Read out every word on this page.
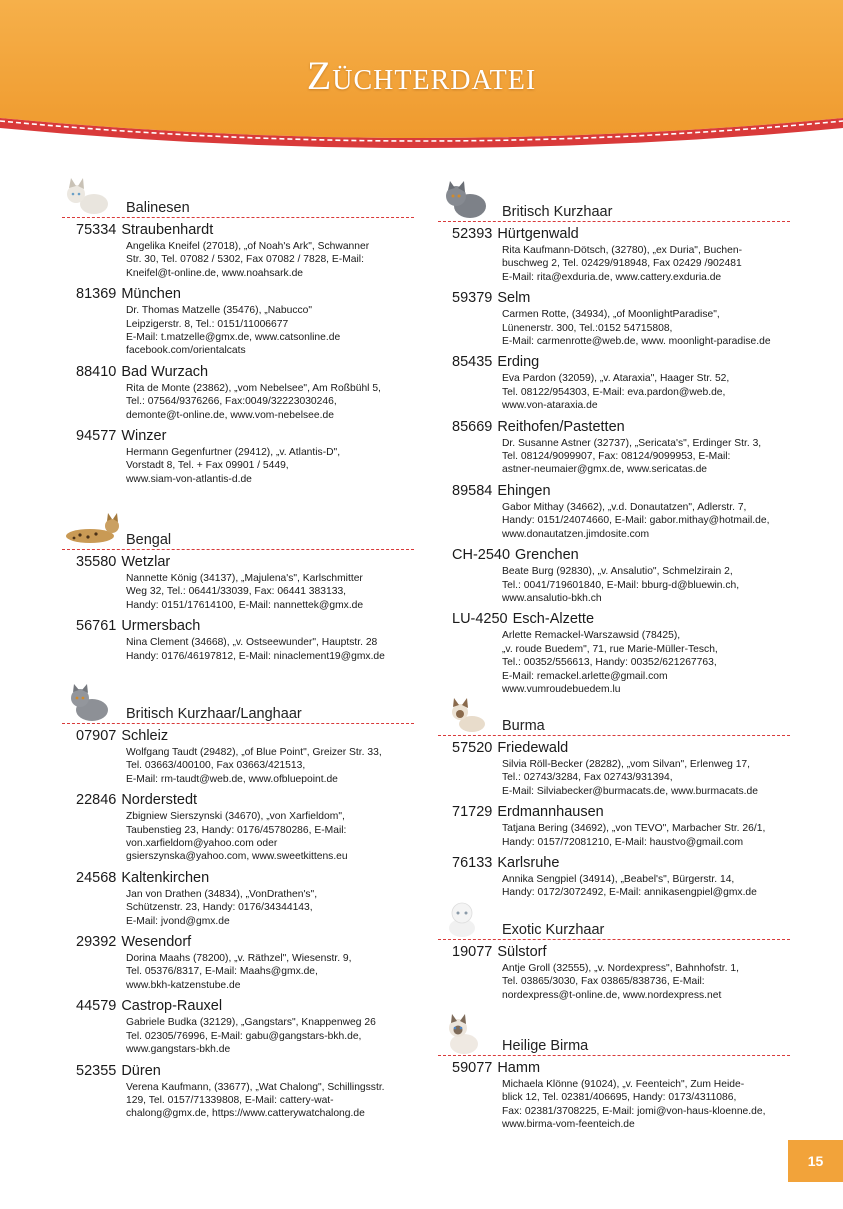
Züchterdatei
Balinesen
75334 Straubenhardt
Angelika Kneifel (27018), „of Noah's Ark", Schwanner
Str. 30, Tel. 07082 / 5302, Fax 07082 / 7828, E-Mail:
Kneifel@t-online.de, www.noahsark.de
81369 München
Dr. Thomas Matzelle (35476), „Nabucco"
Leipzigerstr. 8, Tel.: 0151/11006677
E-Mail: t.matzelle@gmx.de, www.catsonline.de
facebook.com/orientalcats
88410 Bad Wurzach
Rita de Monte (23862), „vom Nebelsee", Am Roßbühl 5,
Tel.: 07564/9376266, Fax:0049/32223030246,
demonte@t-online.de, www.vom-nebelsee.de
94577 Winzer
Hermann Gegenfurtner (29412), „v. Atlantis-D",
Vorstadt 8, Tel. + Fax 09901 / 5449,
www.siam-von-atlantis-d.de
Bengal
35580 Wetzlar
Nannette König (34137), „Majulena's", Karlschmitter
Weg 32, Tel.: 06441/33039, Fax: 06441 383133,
Handy: 0151/17614100, E-Mail: nannettek@gmx.de
56761 Urmersbach
Nina Clement (34668), „v. Ostseewunder", Hauptstr. 28
Handy: 0176/46197812, E-Mail: ninaclement19@gmx.de
Britisch Kurzhaar/Langhaar
07907 Schleiz
Wolfgang Taudt (29482), „of Blue Point", Greizer Str. 33,
Tel. 03663/400100, Fax 03663/421513,
E-Mail: rm-taudt@web.de, www.ofbluepoint.de
22846 Norderstedt
Zbigniew Sierszynski (34670), „von Xarfieldom",
Taubenstieg 23, Handy: 0176/45780286, E-Mail:
von.xarfieldom@yahoo.com oder
gsierszynska@yahoo.com, www.sweetkittens.eu
24568 Kaltenkirchen
Jan von Drathen (34834), „VonDrathen's",
Schützenstr. 23, Handy: 0176/34344143,
E-Mail: jvond@gmx.de
29392 Wesendorf
Dorina Maahs (78200), „v. Räthzel", Wiesenstr. 9,
Tel. 05376/8317, E-Mail: Maahs@gmx.de,
www.bkh-katzenstube.de
44579 Castrop-Rauxel
Gabriele Budka (32129), „Gangstars", Knappenweg 26
Tel. 02305/76996, E-Mail: gabu@gangstars-bkh.de,
www.gangstars-bkh.de
52355 Düren
Verena Kaufmann, (33677), „Wat Chalong", Schillingsstr.
129, Tel. 0157/71339808, E-Mail: cattery-wat-
chalong@gmx.de, https://www.catterywatchalong.de
Britisch Kurzhaar
52393 Hürtgenwald
Rita Kaufmann-Dötsch, (32780), „ex Duria", Buchen-
buschweg 2, Tel. 02429/918948, Fax 02429 /902481
E-Mail: rita@exduria.de, www.cattery.exduria.de
59379 Selm
Carmen Rotte, (34934), „of MoonlightParadise",
Lünenerstr. 300, Tel.:0152 54715808,
E-Mail: carmenrotte@web.de, www. moonlight-paradise.de
85435 Erding
Eva Pardon (32059), „v. Ataraxia", Haager Str. 52,
Tel. 08122/954303, E-Mail: eva.pardon@web.de,
www.von-ataraxia.de
85669 Reithofen/Pastetten
Dr. Susanne Astner (32737), „Sericata's", Erdinger Str. 3,
Tel. 08124/9099907, Fax: 08124/9099953, E-Mail:
astner-neumaier@gmx.de, www.sericatas.de
89584 Ehingen
Gabor Mithay (34662), „v.d. Donautatzen", Adlerstr. 7,
Handy: 0151/24074660, E-Mail: gabor.mithay@hotmail.de,
www.donautatzen.jimdosite.com
CH-2540 Grenchen
Beate Burg (92830), „v. Ansalutio", Schmelzirain 2,
Tel.: 0041/719601840, E-Mail: bburg-d@bluewin.ch,
www.ansalutio-bkh.ch
LU-4250 Esch-Alzette
Arlette Remackel-Warszawsid (78425),
„v. roude Buedem", 71, rue Marie-Müller-Tesch,
Tel.: 00352/556613, Handy: 00352/621267763,
E-Mail: remackel.arlette@gmail.com
www.vumroudebuedem.lu
Burma
57520 Friedewald
Silvia Röll-Becker (28282), „vom Silvan", Erlenweg 17,
Tel.: 02743/3284, Fax 02743/931394,
E-Mail: Silviabecker@burmacats.de, www.burmacats.de
71729 Erdmannhausen
Tatjana Bering (34692), „von TEVO", Marbacher Str. 26/1,
Handy: 0157/72081210, E-Mail: haustvo@gmail.com
76133 Karlsruhe
Annika Sengpiel (34914), „Beabel's", Bürgerstr. 14,
Handy: 0172/3072492, E-Mail: annikasengpiel@gmx.de
Exotic Kurzhaar
19077 Sülstorf
Antje Groll (32555), „v. Nordexpress", Bahnhofstr. 1,
Tel. 03865/3030, Fax 03865/838736, E-Mail:
nordexpress@t-online.de, www.nordexpress.net
Heilige Birma
59077 Hamm
Michaela Klönne (91024), „v. Feenteich", Zum Heide-
blick 12, Tel. 02381/406695, Handy: 0173/4311086,
Fax: 02381/3708225, E-Mail: jomi@von-haus-kloenne.de,
www.birma-vom-feenteich.de
15
